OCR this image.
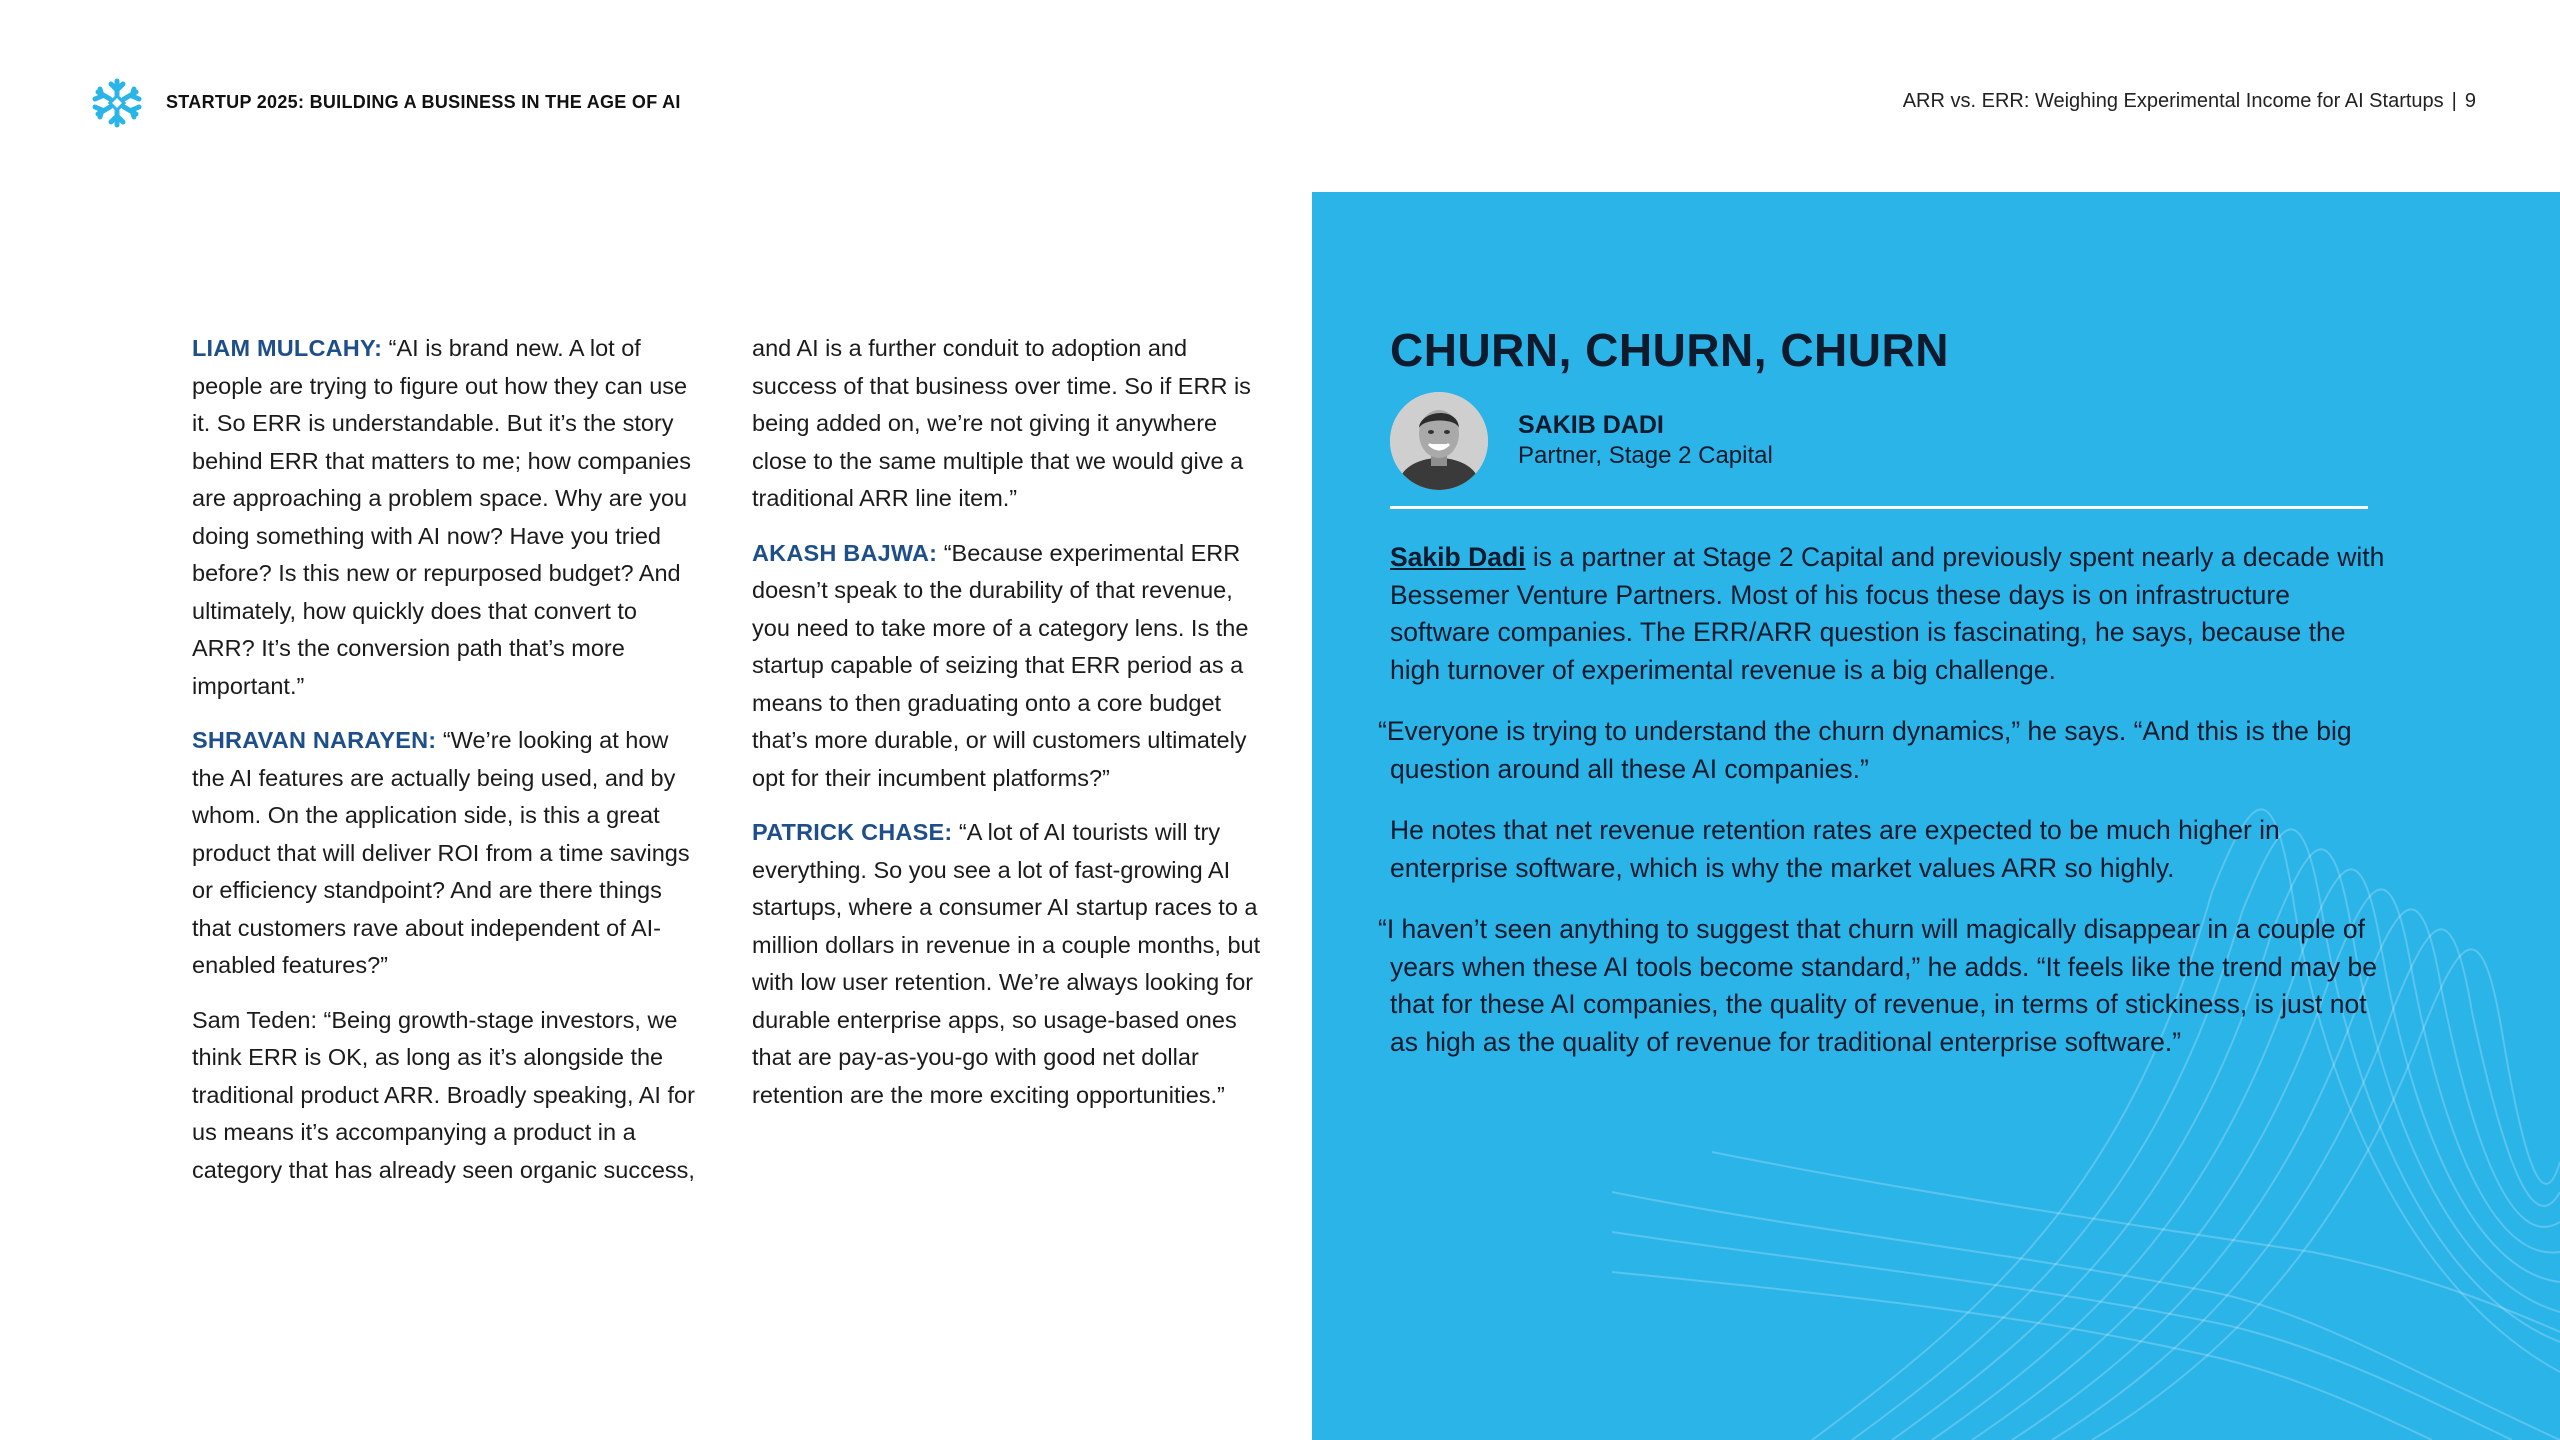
STARTUP 2025: BUILDING A BUSINESS IN THE AGE OF AI	ARR vs. ERR: Weighing Experimental Income for AI Startups | 9

LIAM MULCAHY: “AI is brand new. A lot of people are trying to figure out how they can use it. So ERR is understandable. But it’s the story behind ERR that matters to me; how companies are approaching a problem space. Why are you doing something with AI now? Have you tried before? Is this new or repurposed budget? And ultimately, how quickly does that convert to ARR? It’s the conversion path that’s more important.”

SHRAVAN NARAYEN: “We’re looking at how the AI features are actually being used, and by whom. On the application side, is this a great product that will deliver ROI from a time savings or efficiency standpoint? And are there things that customers rave about independent of AI-enabled features?”

Sam Teden: “Being growth-stage investors, we think ERR is OK, as long as it’s alongside the traditional product ARR. Broadly speaking, AI for us means it’s accompanying a product in a category that has already seen organic success,

and AI is a further conduit to adoption and success of that business over time. So if ERR is being added on, we’re not giving it anywhere close to the same multiple that we would give a traditional ARR line item.”

AKASH BAJWA: “Because experimental ERR doesn’t speak to the durability of that revenue, you need to take more of a category lens. Is the startup capable of seizing that ERR period as a means to then graduating onto a core budget that’s more durable, or will customers ultimately opt for their incumbent platforms?”

PATRICK CHASE: “A lot of AI tourists will try everything. So you see a lot of fast-growing AI startups, where a consumer AI startup races to a million dollars in revenue in a couple months, but with low user retention. We’re always looking for durable enterprise apps, so usage-based ones that are pay-as-you-go with good net dollar retention are the more exciting opportunities.”

CHURN, CHURN, CHURN
SAKIB DADI
Partner, Stage 2 Capital

Sakib Dadi is a partner at Stage 2 Capital and previously spent nearly a decade with Bessemer Venture Partners. Most of his focus these days is on infrastructure software companies. The ERR/ARR question is fascinating, he says, because the high turnover of experimental revenue is a big challenge.

“Everyone is trying to understand the churn dynamics,” he says. “And this is the big question around all these AI companies.”

He notes that net revenue retention rates are expected to be much higher in enterprise software, which is why the market values ARR so highly.

“I haven’t seen anything to suggest that churn will magically disappear in a couple of years when these AI tools become standard,” he adds. “It feels like the trend may be that for these AI companies, the quality of revenue, in terms of stickiness, is just not as high as the quality of revenue for traditional enterprise software.”
